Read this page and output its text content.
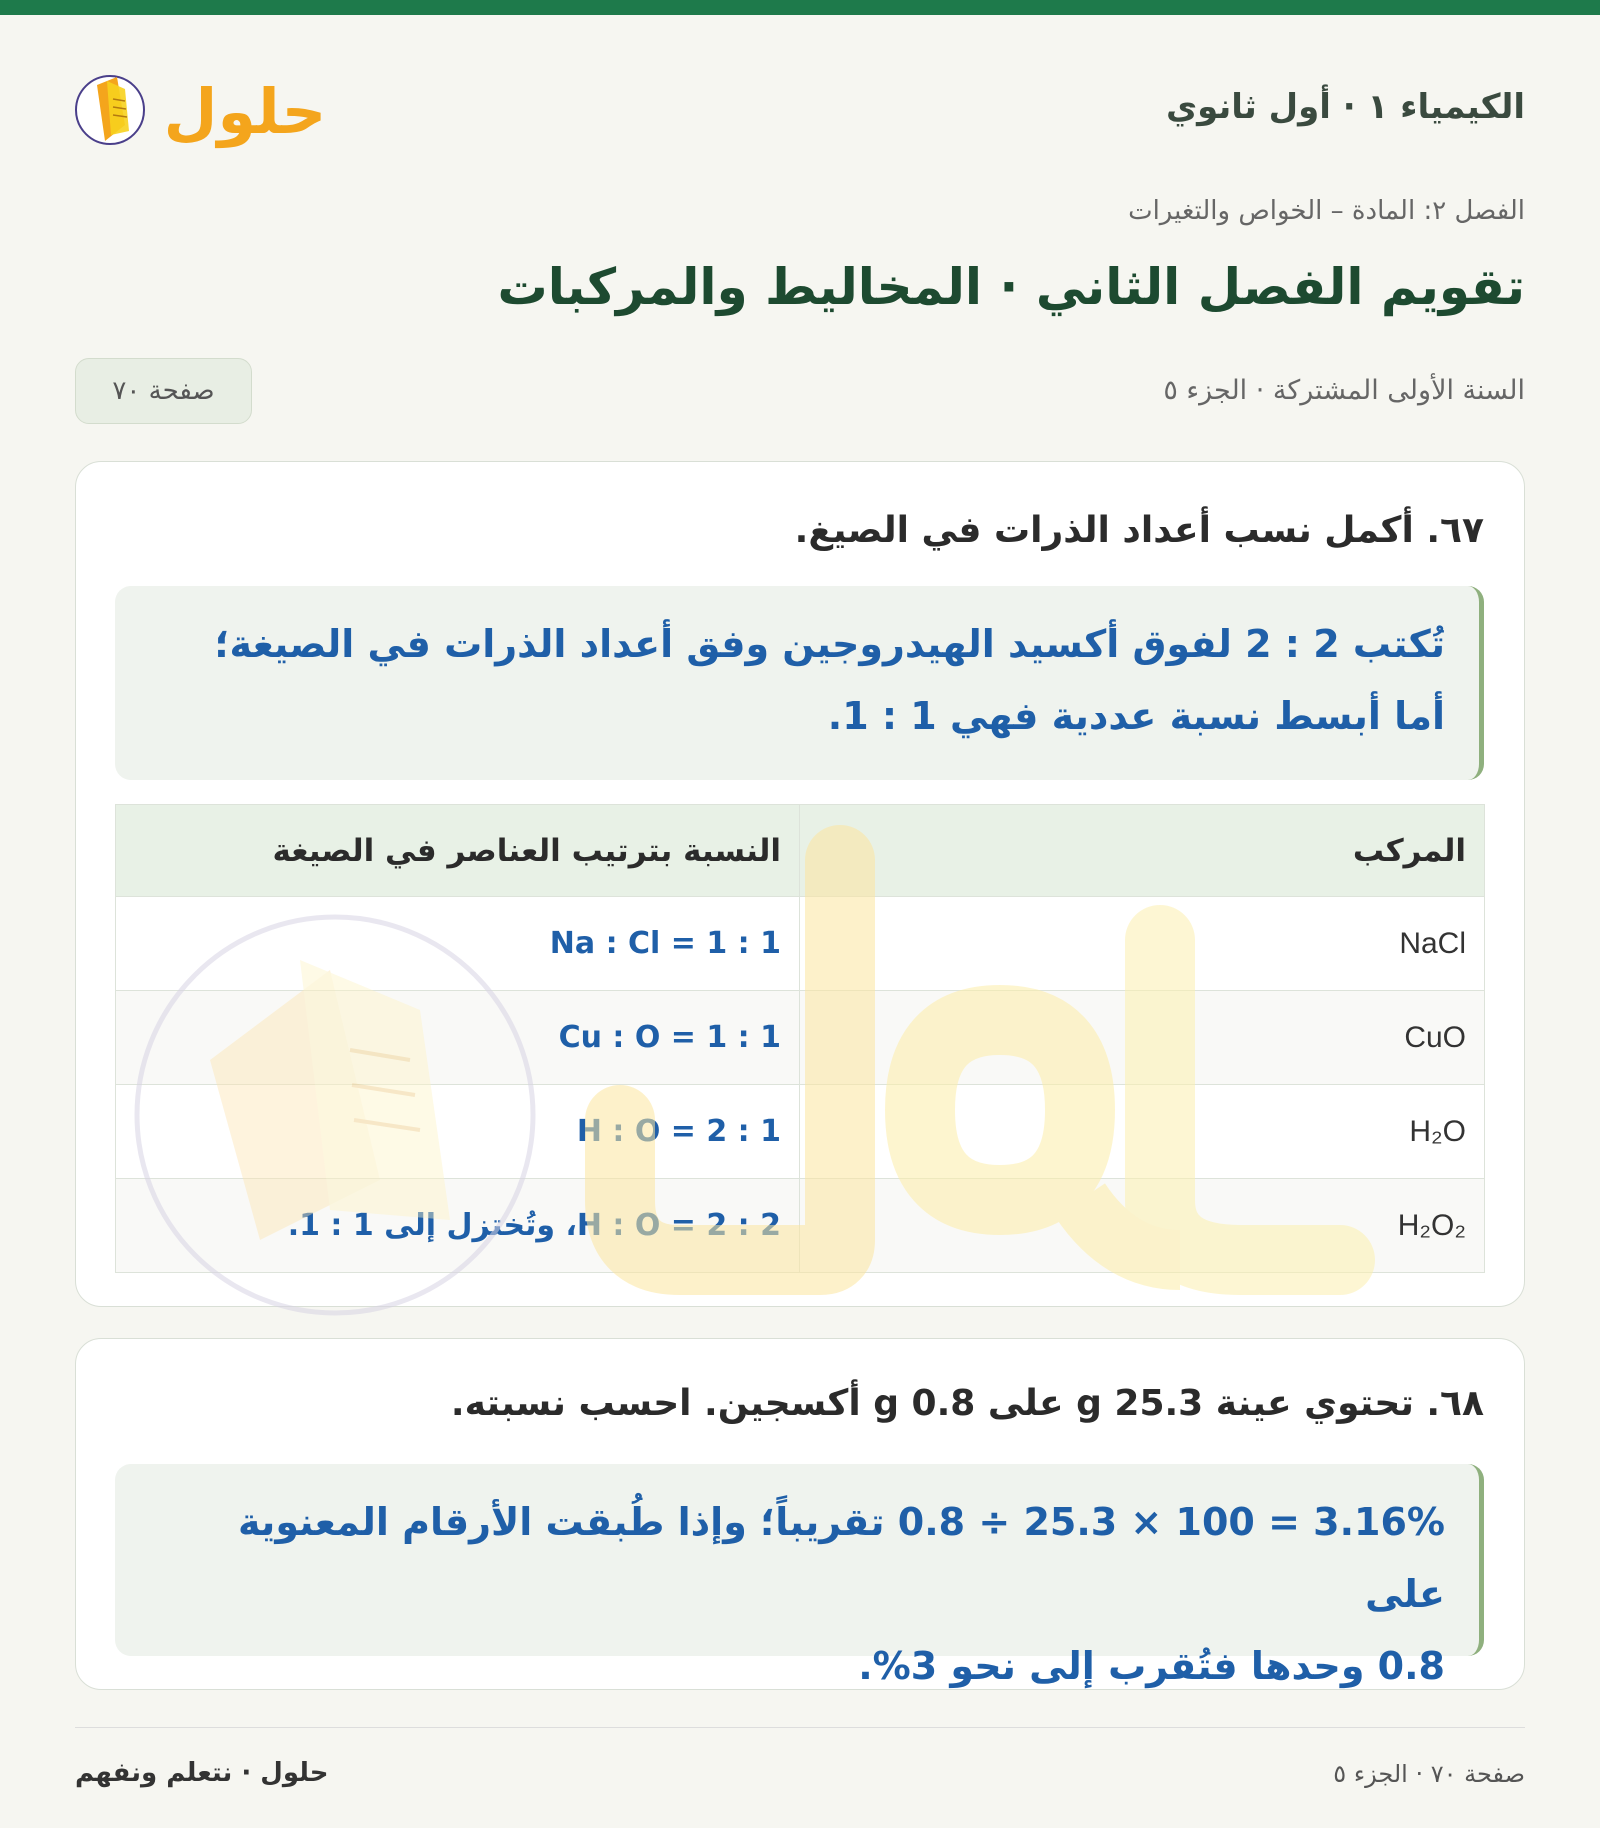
الكيمياء ١ · أول ثانوي
حلول
الفصل ٢: المادة – الخواص والتغيرات
تقويم الفصل الثاني · المخاليط والمركبات
السنة الأولى المشتركة · الجزء ٥
صفحة ٧٠
٦٧. أكمل نسب أعداد الذرات في الصيغ.
تُكتب 2 : 2 لفوق أكسيد الهيدروجين وفق أعداد الذرات في الصيغة؛
أما أبسط نسبة عددية فهي 1 : 1.
المركب	النسبة بترتيب العناصر في الصيغة
NaCl	Na : Cl = 1 : 1
CuO	Cu : O = 1 : 1
H₂O	H : O = 2 : 1
H₂O₂	H : O = 2 : 2، وتُختزل إلى 1 : 1.
٦٨. تحتوي عينة 25.3 g على 0.8 g أكسجين. احسب نسبته.
3.16% = 100 × 25.3 ÷ 0.8 تقريباً؛ وإذا طُبقت الأرقام المعنوية على
0.8 وحدها فتُقرب إلى نحو 3%.
حلول · نتعلم ونفهم	صفحة ٧٠ · الجزء ٥
